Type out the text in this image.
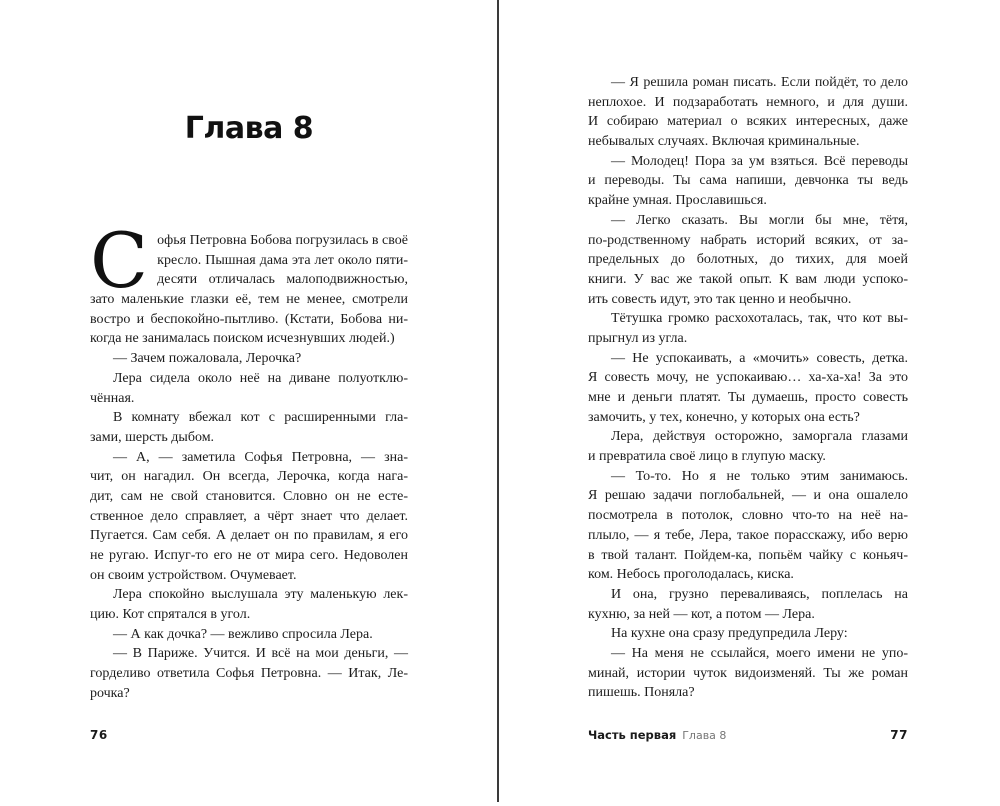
Глава 8
С офья Петровна Бобова погрузилась в своё
кресло. Пышная дама эта лет около пяти-
десяти отличалась малоподвижностью,
зато маленькие глазки её, тем не менее, смотрели
востро и беспокойно-пытливо. (Кстати, Бобова ни-
когда не занималась поиском исчезнувших людей.)
— Зачем пожаловала, Лерочка?
Лера сидела около неё на диване полуотклю-
чённая.
В комнату вбежал кот с расширенными гла-
зами, шерсть дыбом.
— А, — заметила Софья Петровна, — зна-
чит, он нагадил. Он всегда, Лерочка, когда нага-
дит, сам не свой становится. Словно он не есте-
ственное дело справляет, а чёрт знает что делает.
Пугается. Сам себя. А делает он по правилам, я его
не ругаю. Испуг-то его не от мира сего. Недоволен
он своим устройством. Очумевает.
Лера спокойно выслушала эту маленькую лек-
цию. Кот спрятался в угол.
— А как дочка? — вежливо спросила Лера.
— В Париже. Учится. И всё на мои деньги, —
горделиво ответила Софья Петровна. — Итак, Ле-
рочка?
76
— Я решила роман писать. Если пойдёт, то дело
неплохое. И подзаработать немного, и для души.
И собираю материал о всяких интересных, даже
небывалых случаях. Включая криминальные.
— Молодец! Пора за ум взяться. Всё переводы
и переводы. Ты сама напиши, девчонка ты ведь
крайне умная. Прославишься.
— Легко сказать. Вы могли бы мне, тётя,
по-родственному набрать историй всяких, от за-
предельных до болотных, до тихих, для моей
книги. У вас же такой опыт. К вам люди успоко-
ить совесть идут, это так ценно и необычно.
Тётушка громко расхохоталась, так, что кот вы-
прыгнул из угла.
— Не успокаивать, а «мочить» совесть, детка.
Я совесть мочу, не успокаиваю… ха-ха-ха! За это
мне и деньги платят. Ты думаешь, просто совесть
замочить, у тех, конечно, у которых она есть?
Лера, действуя осторожно, заморгала глазами
и превратила своё лицо в глупую маску.
— То-то. Но я не только этим занимаюсь.
Я решаю задачи поглобальней, — и она ошалело
посмотрела в потолок, словно что-то на неё на-
плыло, — я тебе, Лера, такое порасскажу, ибо верю
в твой талант. Пойдем-ка, попьём чайку с коньяч-
ком. Небось проголодалась, киска.
И она, грузно переваливаясь, поплелась на
кухню, за ней — кот, а потом — Лера.
На кухне она сразу предупредила Леру:
— На меня не ссылайся, моего имени не упо-
минай, истории чуток видоизменяй. Ты же роман
пишешь. Поняла?
Часть первая Глава 8	77
